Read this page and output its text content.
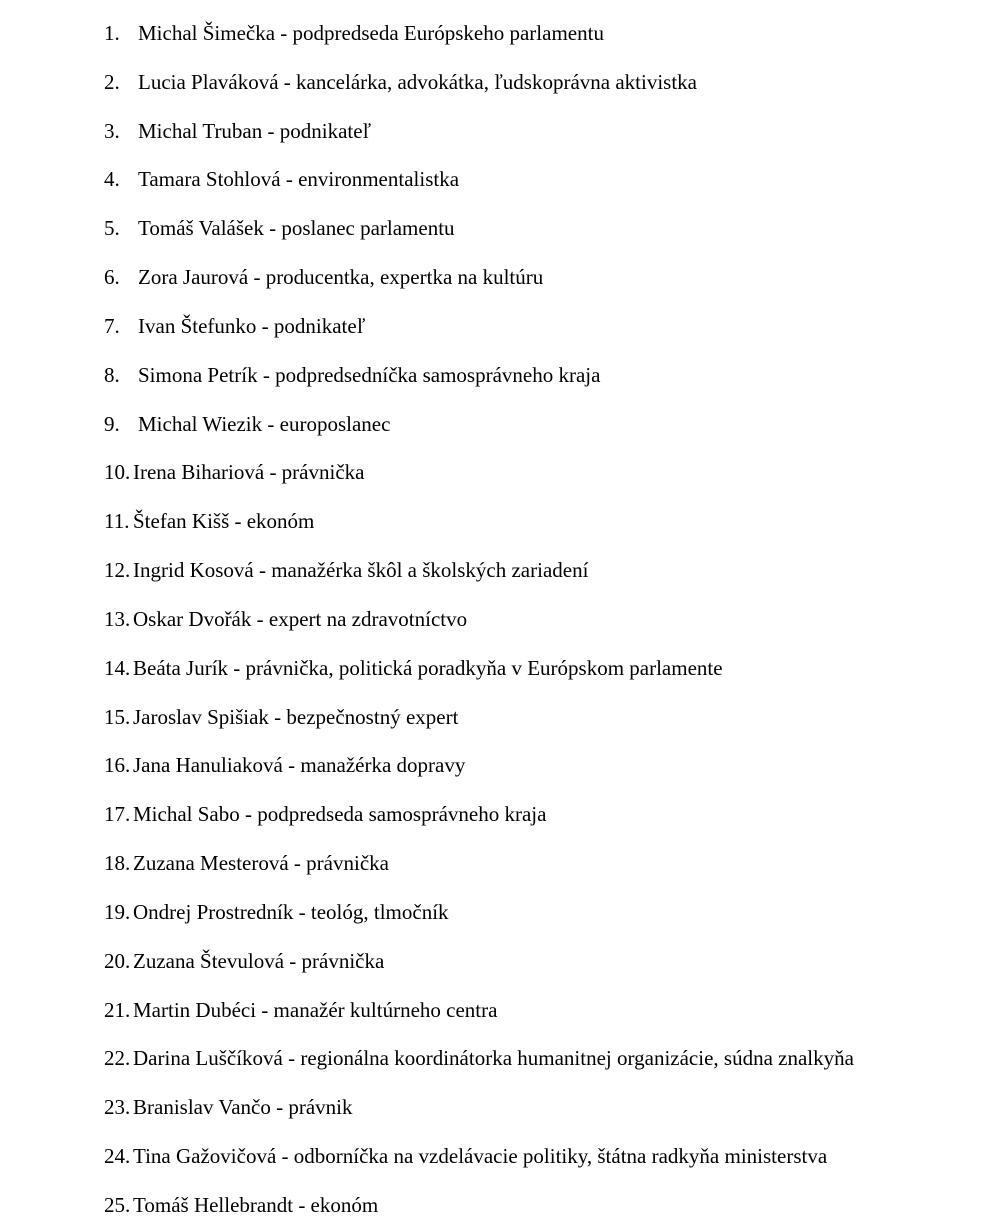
1. Michal Šimečka - podpredseda Európskeho parlamentu
2. Lucia Plaváková - kancelárka, advokátka, ľudskoprávna aktivistka
3. Michal Truban - podnikateľ
4. Tamara Stohlová - environmentalistka
5. Tomáš Valášek - poslanec parlamentu
6. Zora Jaurová - producentka, expertka na kultúru
7. Ivan Štefunko - podnikateľ
8. Simona Petrík - podpredsedníčka samosprávneho kraja
9. Michal Wiezik - europoslanec
10. Irena Bihariová - právnička
11. Štefan Kišš - ekonóm
12. Ingrid Kosová - manažérka škôl a školských zariadení
13. Oskar Dvořák - expert na zdravotníctvo
14. Beáta Jurík - právnička, politická poradkyňa v Európskom parlamente
15. Jaroslav Spišiak - bezpečnostný expert
16. Jana Hanuliaková - manažérka dopravy
17. Michal Sabo - podpredseda samosprávneho kraja
18. Zuzana Mesterová - právnička
19. Ondrej Prostredník - teológ, tlmočník
20. Zuzana Števulová - právnička
21. Martin Dubéci - manažér kultúrneho centra
22. Darina Luščíková - regionálna koordinátorka humanitnej organizácie, súdna znalkyňa
23. Branislav Vančo - právnik
24. Tina Gažovičová - odborníčka na vzdelávacie politiky, štátna radkyňa ministerstva
25. Tomáš Hellebrandt - ekonóm
